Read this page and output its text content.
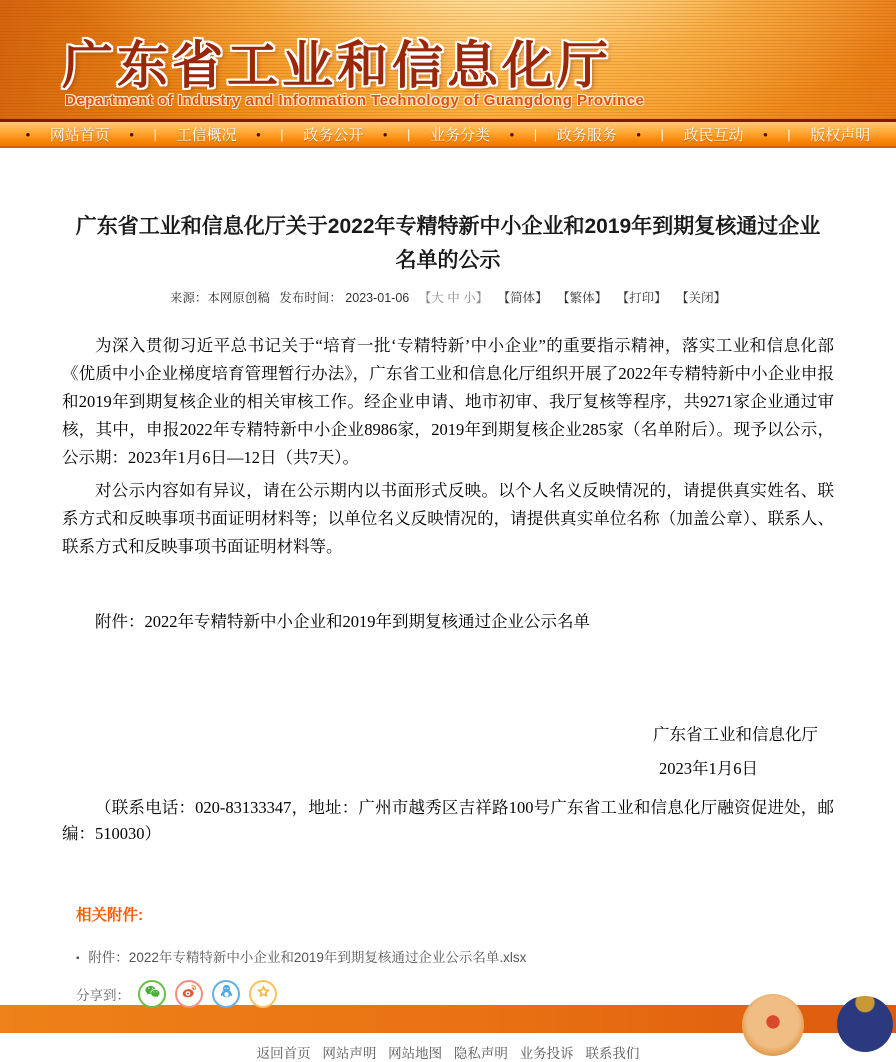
广东省工业和信息化厅
Department of Industry and Information Technology of Guangdong Province
• 网站首页 • | 工信概况 • | 政务公开 • | 业务分类 • | 政务服务 • | 政民互动 • | 版权声明
广东省工业和信息化厅关于2022年专精特新中小企业和2019年到期复核通过企业名单的公示
来源：本网原创稿 发布时间： 2023-01-06 【大 中 小】 【简体】 【繁体】 【打印】 【关闭】

为深入贯彻习近平总书记关于“培育一批‘专精特新’中小企业”的重要指示精神，落实工业和信息化部《优质中小企业梯度培育管理暂行办法》，广东省工业和信息化厅组织开展了2022年专精特新中小企业申报和2019年到期复核企业的相关审核工作。经企业申请、地市初审、我厅复核等程序，共9271家企业通过审核，其中，申报2022年专精特新中小企业8986家，2019年到期复核企业285家（名单附后）。现予以公示，公示期：2023年1月6日—12日（共7天）。

对公示内容如有异议，请在公示期内以书面形式反映。以个人名义反映情况的，请提供真实姓名、联系方式和反映事项书面证明材料等；以单位名义反映情况的，请提供真实单位名称（加盖公章）、联系人、联系方式和反映事项书面证明材料等。

附件：2022年专精特新中小企业和2019年到期复核通过企业公示名单
广东省工业和信息化厅
2023年1月6日
（联系电话：020-83133347，地址：广州市越秀区吉祥路100号广东省工业和信息化厅融资促进处，邮编：510030）
相关附件:
▪ 附件：2022年专精特新中小企业和2019年到期复核通过企业公示名单.xlsx
分享到：
返回首页 网站声明 网站地图 隐私声明 业务投诉 联系我们
